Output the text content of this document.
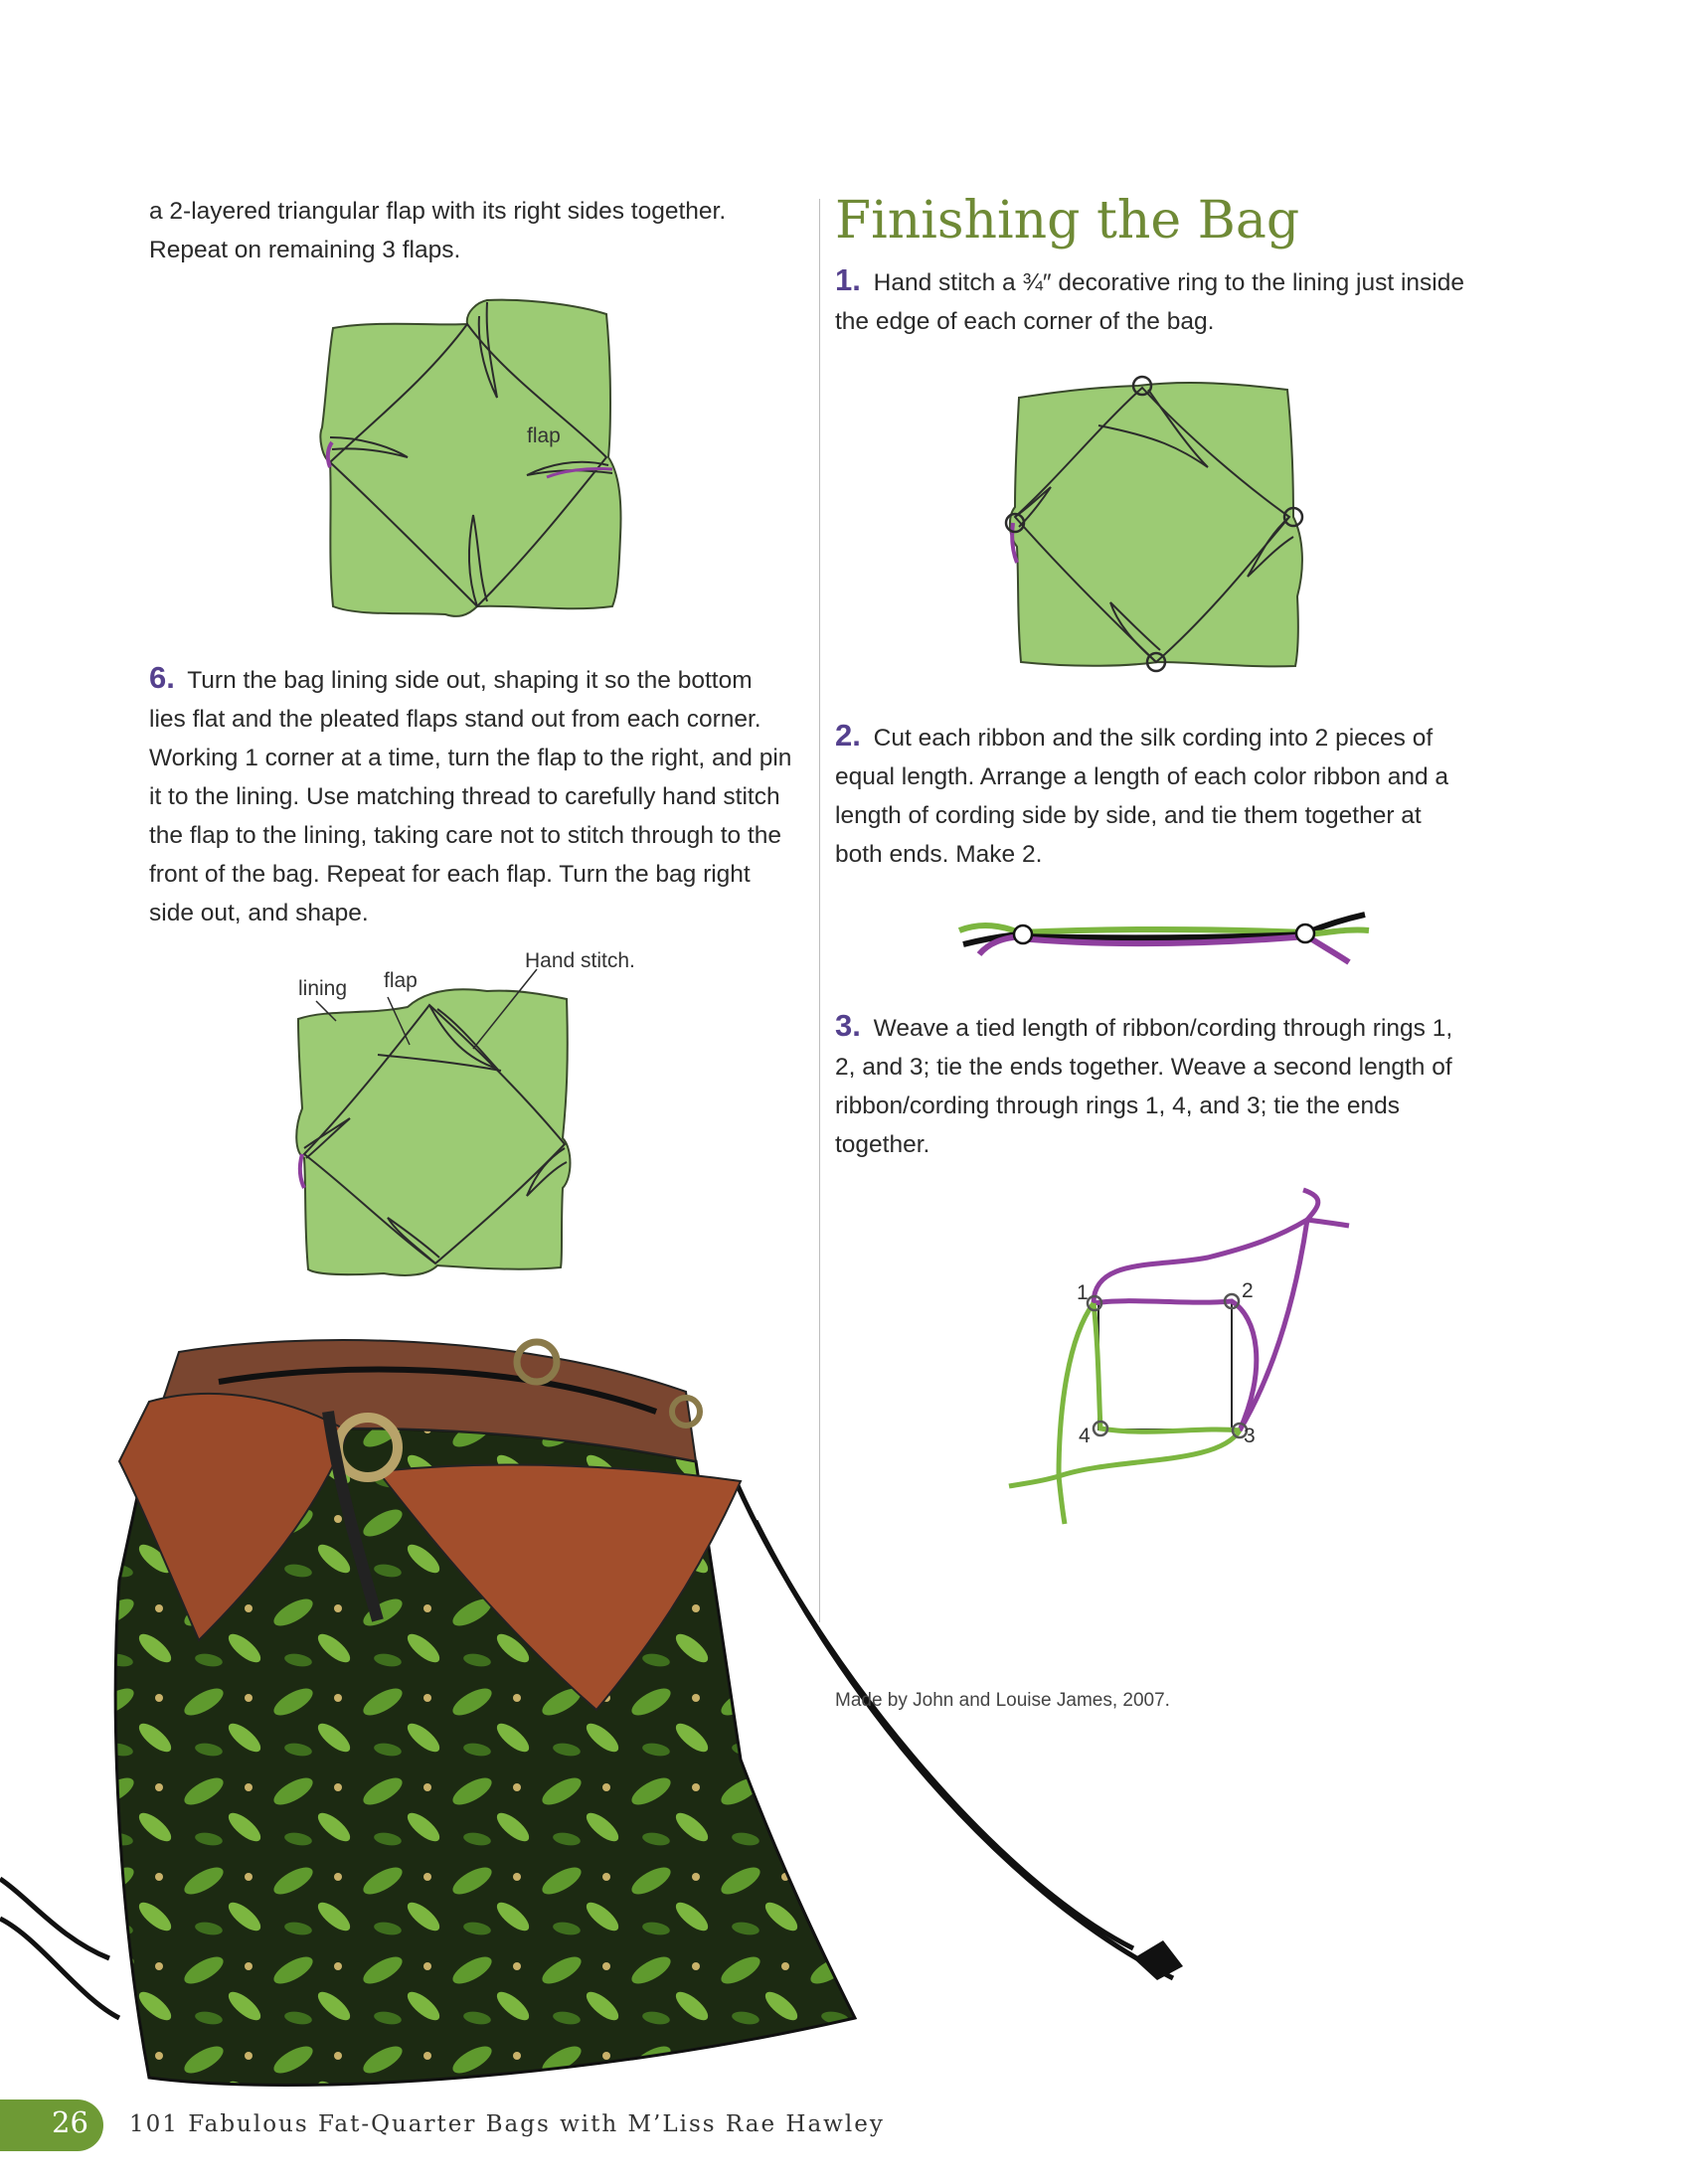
a 2-layered triangular flap with its right sides together. Repeat on remaining 3 flaps.
flap
6. Turn the bag lining side out, shaping it so the bottom lies flat and the pleated flaps stand out from each corner. Working 1 corner at a time, turn the flap to the right, and pin it to the lining. Use matching thread to carefully hand stitch the flap to the lining, taking care not to stitch through to the front of the bag. Repeat for each flap. Turn the bag right side out, and shape.
lining flap
Hand stitch.
Finishing the Bag
1. Hand stitch a ¾″ decorative ring to the lining just inside the edge of each corner of the bag.
2. Cut each ribbon and the silk cording into 2 pieces of equal length. Arrange a length of each color ribbon and a length of cording side by side, and tie them together at both ends. Make 2.
3. Weave a tied length of ribbon/cording through rings 1, 2, and 3; tie the ends together. Weave a second length of ribbon/cording through rings 1, 4, and 3; tie the ends together.
1	2
3
4
Made by John and Louise James, 2007.
26 101 Fabulous Fat-Quarter Bags with M’Liss Rae Hawley
